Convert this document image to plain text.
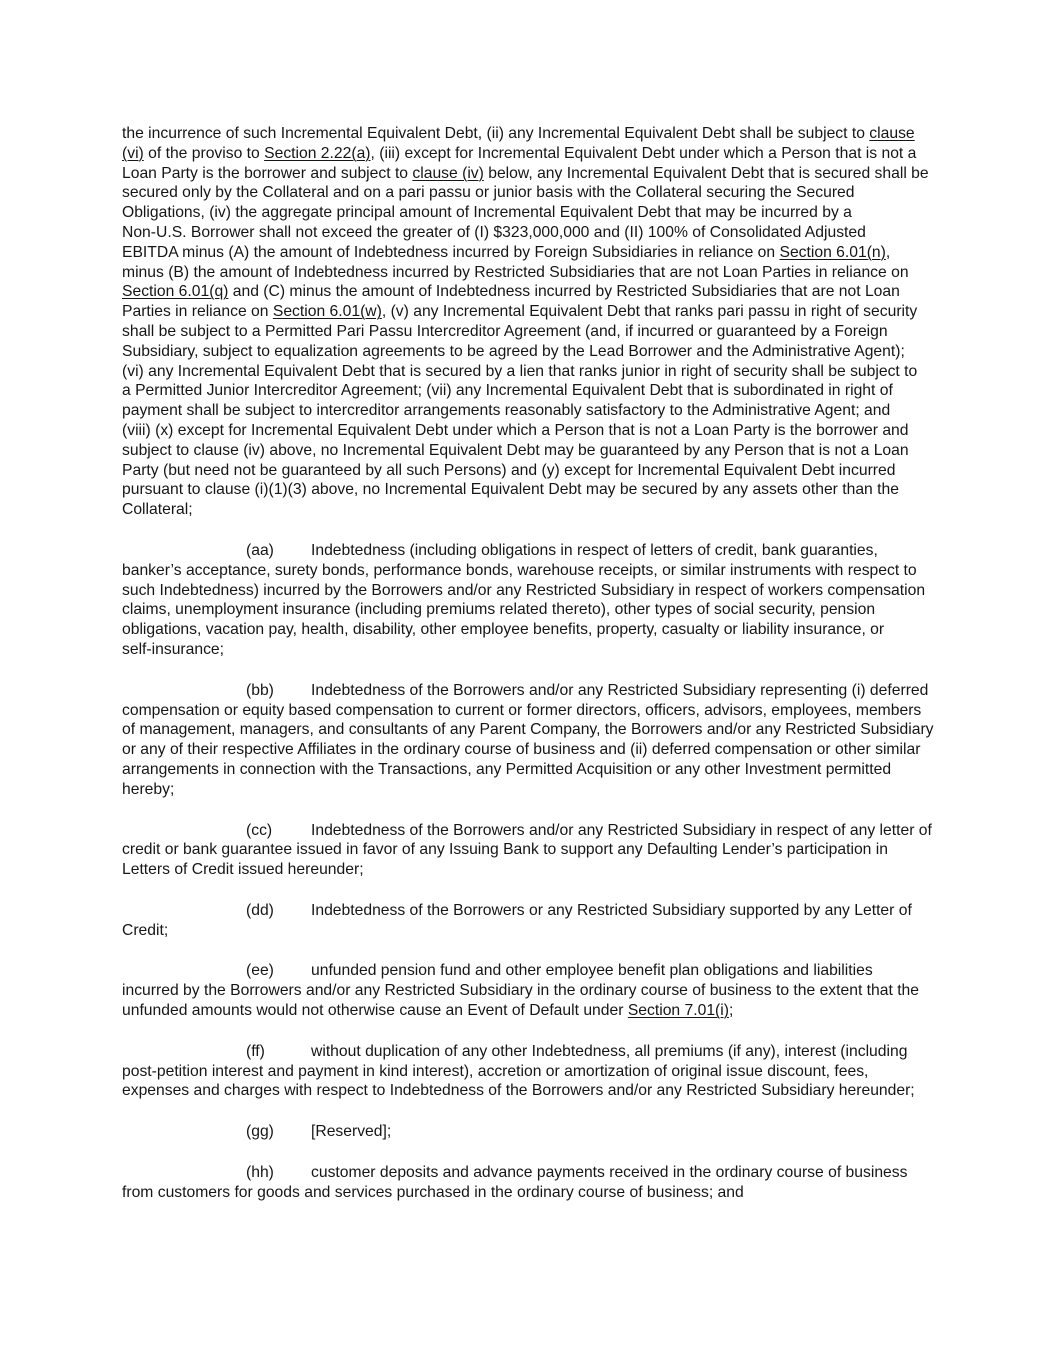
the incurrence of such Incremental Equivalent Debt, (ii) any Incremental Equivalent Debt shall be subject to clause
(vi) of the proviso to Section 2.22(a), (iii) except for Incremental Equivalent Debt under which a Person that is not a
Loan Party is the borrower and subject to clause (iv) below, any Incremental Equivalent Debt that is secured shall be
secured only by the Collateral and on a pari passu or junior basis with the Collateral securing the Secured
Obligations, (iv) the aggregate principal amount of Incremental Equivalent Debt that may be incurred by a
Non-U.S. Borrower shall not exceed the greater of (I) $323,000,000 and (II) 100% of Consolidated Adjusted
EBITDA minus (A) the amount of Indebtedness incurred by Foreign Subsidiaries in reliance on Section 6.01(n),
minus (B) the amount of Indebtedness incurred by Restricted Subsidiaries that are not Loan Parties in reliance on
Section 6.01(q) and (C) minus the amount of Indebtedness incurred by Restricted Subsidiaries that are not Loan
Parties in reliance on Section 6.01(w), (v) any Incremental Equivalent Debt that ranks pari passu in right of security
shall be subject to a Permitted Pari Passu Intercreditor Agreement (and, if incurred or guaranteed by a Foreign
Subsidiary, subject to equalization agreements to be agreed by the Lead Borrower and the Administrative Agent);
(vi) any Incremental Equivalent Debt that is secured by a lien that ranks junior in right of security shall be subject to
a Permitted Junior Intercreditor Agreement; (vii) any Incremental Equivalent Debt that is subordinated in right of
payment shall be subject to intercreditor arrangements reasonably satisfactory to the Administrative Agent; and
(viii) (x) except for Incremental Equivalent Debt under which a Person that is not a Loan Party is the borrower and
subject to clause (iv) above, no Incremental Equivalent Debt may be guaranteed by any Person that is not a Loan
Party (but need not be guaranteed by all such Persons) and (y) except for Incremental Equivalent Debt incurred
pursuant to clause (i)(1)(3) above, no Incremental Equivalent Debt may be secured by any assets other than the
Collateral;
(aa) Indebtedness (including obligations in respect of letters of credit, bank guaranties,
banker’s acceptance, surety bonds, performance bonds, warehouse receipts, or similar instruments with respect to
such Indebtedness) incurred by the Borrowers and/or any Restricted Subsidiary in respect of workers compensation
claims, unemployment insurance (including premiums related thereto), other types of social security, pension
obligations, vacation pay, health, disability, other employee benefits, property, casualty or liability insurance, or
self-insurance;
(bb) Indebtedness of the Borrowers and/or any Restricted Subsidiary representing (i) deferred
compensation or equity based compensation to current or former directors, officers, advisors, employees, members
of management, managers, and consultants of any Parent Company, the Borrowers and/or any Restricted Subsidiary
or any of their respective Affiliates in the ordinary course of business and (ii) deferred compensation or other similar
arrangements in connection with the Transactions, any Permitted Acquisition or any other Investment permitted
hereby;
(cc) Indebtedness of the Borrowers and/or any Restricted Subsidiary in respect of any letter of
credit or bank guarantee issued in favor of any Issuing Bank to support any Defaulting Lender’s participation in
Letters of Credit issued hereunder;
(dd) Indebtedness of the Borrowers or any Restricted Subsidiary supported by any Letter of
Credit;
(ee) unfunded pension fund and other employee benefit plan obligations and liabilities
incurred by the Borrowers and/or any Restricted Subsidiary in the ordinary course of business to the extent that the
unfunded amounts would not otherwise cause an Event of Default under Section 7.01(i);
(ff)	without duplication of any other Indebtedness, all premiums (if any), interest (including
post-petition interest and payment in kind interest), accretion or amortization of original issue discount, fees,
expenses and charges with respect to Indebtedness of the Borrowers and/or any Restricted Subsidiary hereunder;
(gg) [Reserved];
(hh) customer deposits and advance payments received in the ordinary course of business
from customers for goods and services purchased in the ordinary course of business; and
